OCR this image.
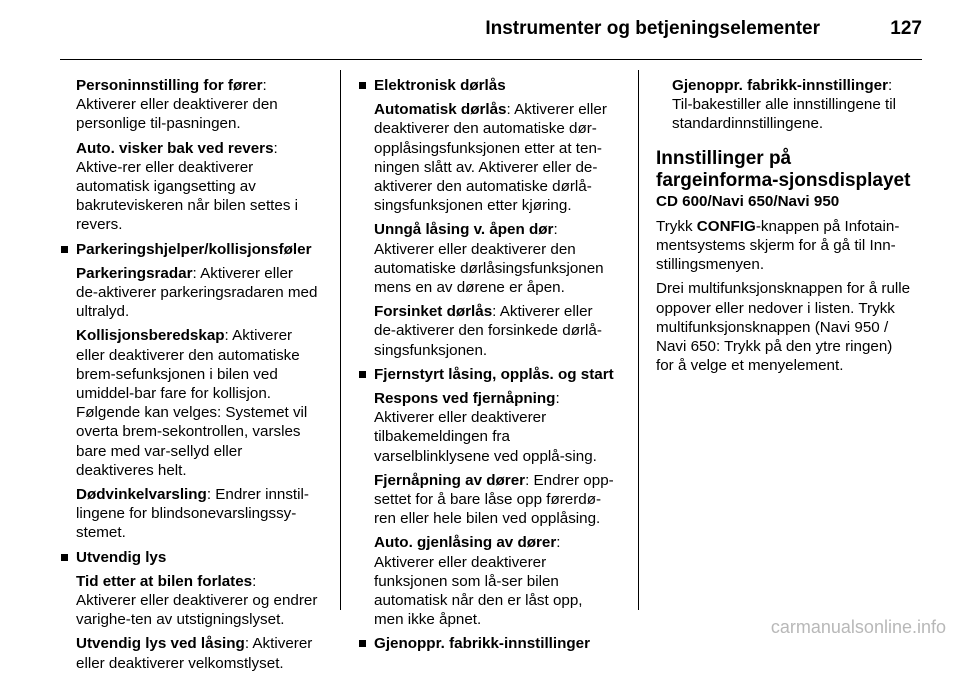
Instrumenter og betjeningselementer	127
Personinnstilling for fører: Aktiverer eller deaktiverer den personlige til-pasningen.
Auto. visker bak ved revers: Aktive-rer eller deaktiverer automatisk igangsetting av bakruteviskeren når bilen settes i revers.
Parkeringshjelper/kollisjonsføler
Parkeringsradar: Aktiverer eller de-aktiverer parkeringsradaren med ultralyd.
Kollisjonsberedskap: Aktiverer eller deaktiverer den automatiske brem-sefunksjonen i bilen ved umiddel-bar fare for kollisjon. Følgende kan velges: Systemet vil overta brem-sekontrollen, varsles bare med var-sellyd eller deaktiveres helt.
Dødvinkelvarsling: Endrer innstil-lingene for blindsonevarslingssy-stemet.
Utvendig lys
Tid etter at bilen forlates: Aktiverer eller deaktiverer og endrer varighe-ten av utstigningslyset.
Utvendig lys ved låsing: Aktiverer eller deaktiverer velkomstlyset.
Elektronisk dørlås
Automatisk dørlås: Aktiverer eller deaktiverer den automatiske dør-opplåsingsfunksjonen etter at ten-ningen slått av. Aktiverer eller de-aktiverer den automatiske dørlå-singsfunksjonen etter kjøring.
Unngå låsing v. åpen dør: Aktiverer eller deaktiverer den automatiske dørlåsingsfunksjonen mens en av dørene er åpen.
Forsinket dørlås: Aktiverer eller de-aktiverer den forsinkede dørlå-singsfunksjonen.
Fjernstyrt låsing, opplås. og start
Respons ved fjernåpning: Aktiverer eller deaktiverer tilbakemeldingen fra varselblinklysene ved opplå-sing.
Fjernåpning av dører: Endrer opp-settet for å bare låse opp førerdø-ren eller hele bilen ved opplåsing.
Auto. gjenlåsing av dører: Aktiverer eller deaktiverer funksjonen som lå-ser bilen automatisk når den er låst opp, men ikke åpnet.
Gjenoppr. fabrikk-innstillinger
Gjenoppr. fabrikk-innstillinger: Til-bakestiller alle innstillingene til standardinnstillingene.
Innstillinger på fargeinforma-sjonsdisplayet
CD 600/Navi 650/Navi 950
Trykk CONFIG-knappen på Infotain-mentsystems skjerm for å gå til Inn-stillingsmenyen.
Drei multifunksjonsknappen for å rulle oppover eller nedover i listen. Trykk multifunksjonsknappen (Navi 950 / Navi 650: Trykk på den ytre ringen) for å velge et menyelement.
carmanualsonline.info
